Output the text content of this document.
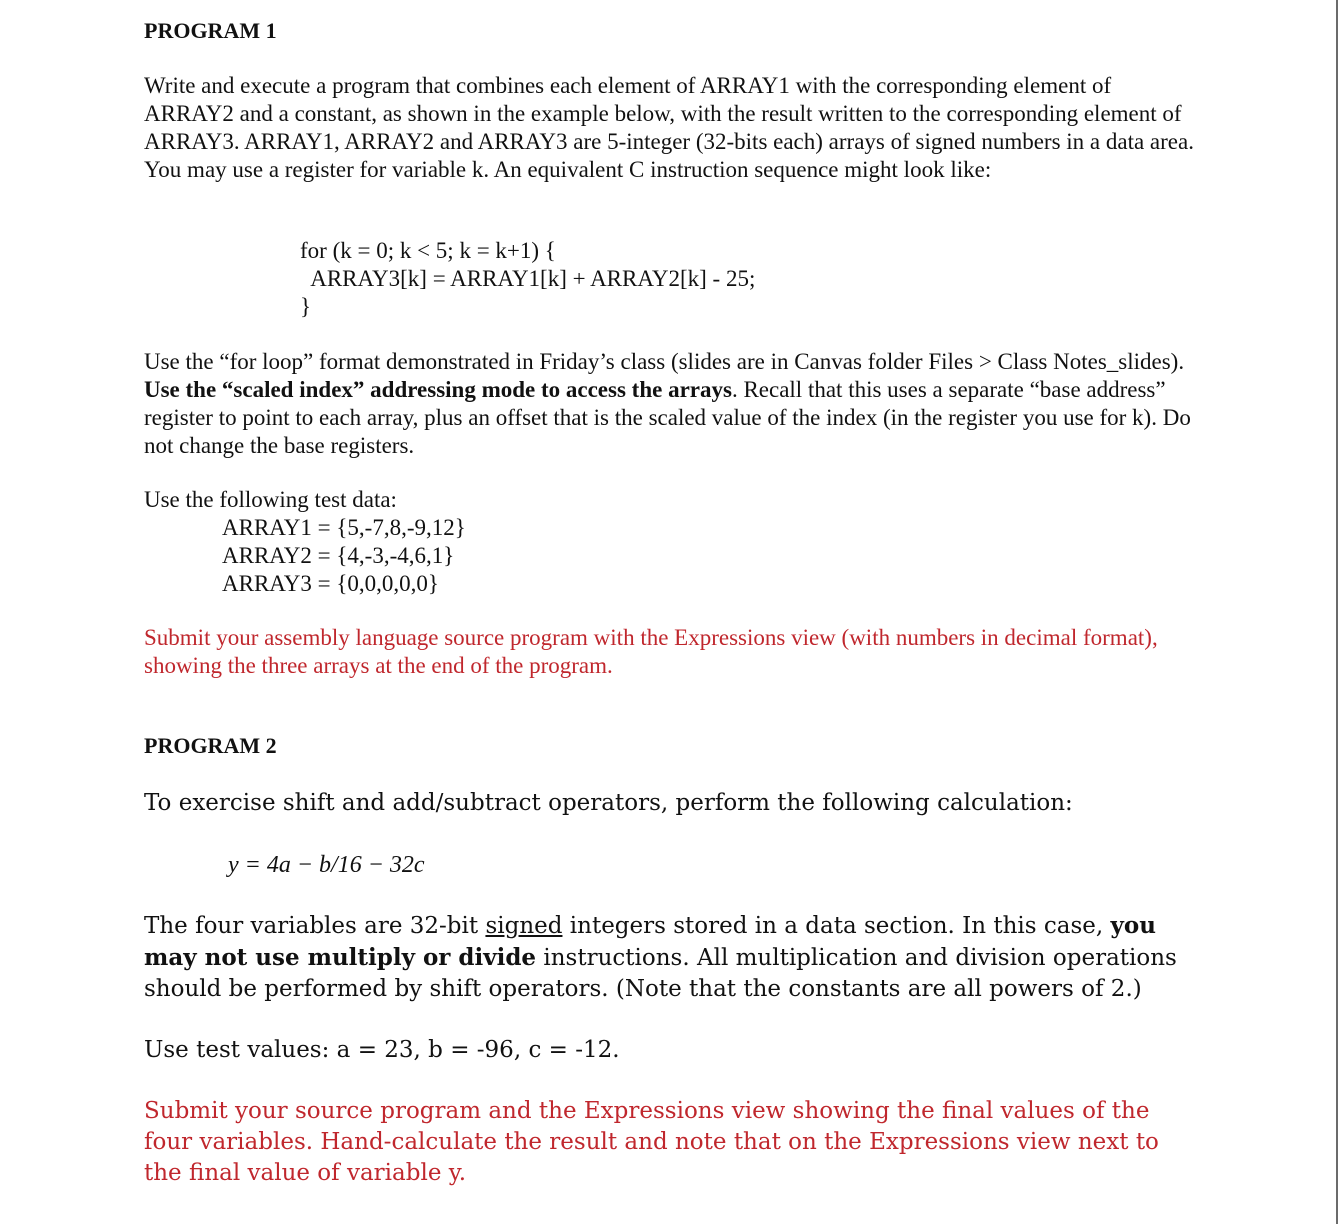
PROGRAM 1

Write and execute a program that combines each element of ARRAY1 with the corresponding element of ARRAY2 and a constant, as shown in the example below, with the result written to the corresponding element of ARRAY3. ARRAY1, ARRAY2 and ARRAY3 are 5-integer (32-bits each) arrays of signed numbers in a data area. You may use a register for variable k. An equivalent C instruction sequence might look like:

for (k = 0; k < 5; k = k+1) {
ARRAY3[k] = ARRAY1[k] + ARRAY2[k] - 25;
}

Use the “for loop” format demonstrated in Friday’s class (slides are in Canvas folder Files > Class Notes_slides). Use the “scaled index” addressing mode to access the arrays. Recall that this uses a separate “base address” register to point to each array, plus an offset that is the scaled value of the index (in the register you use for k). Do not change the base registers.

Use the following test data:
ARRAY1 = {5,-7,8,-9,12}
ARRAY2 = {4,-3,-4,6,1}
ARRAY3 = {0,0,0,0,0}

Submit your assembly language source program with the Expressions view (with numbers in decimal format), showing the three arrays at the end of the program.

PROGRAM 2
To exercise shift and add/subtract operators, perform the following calculation:
y = 4a − b/16 − 32c

The four variables are 32-bit signed integers stored in a data section. In this case, you may not use multiply or divide instructions. All multiplication and division operations should be performed by shift operators. (Note that the constants are all powers of 2.)

Use test values: a = 23, b = -96, c = -12.

Submit your source program and the Expressions view showing the final values of the four variables. Hand-calculate the result and note that on the Expressions view next to the final value of variable y.
